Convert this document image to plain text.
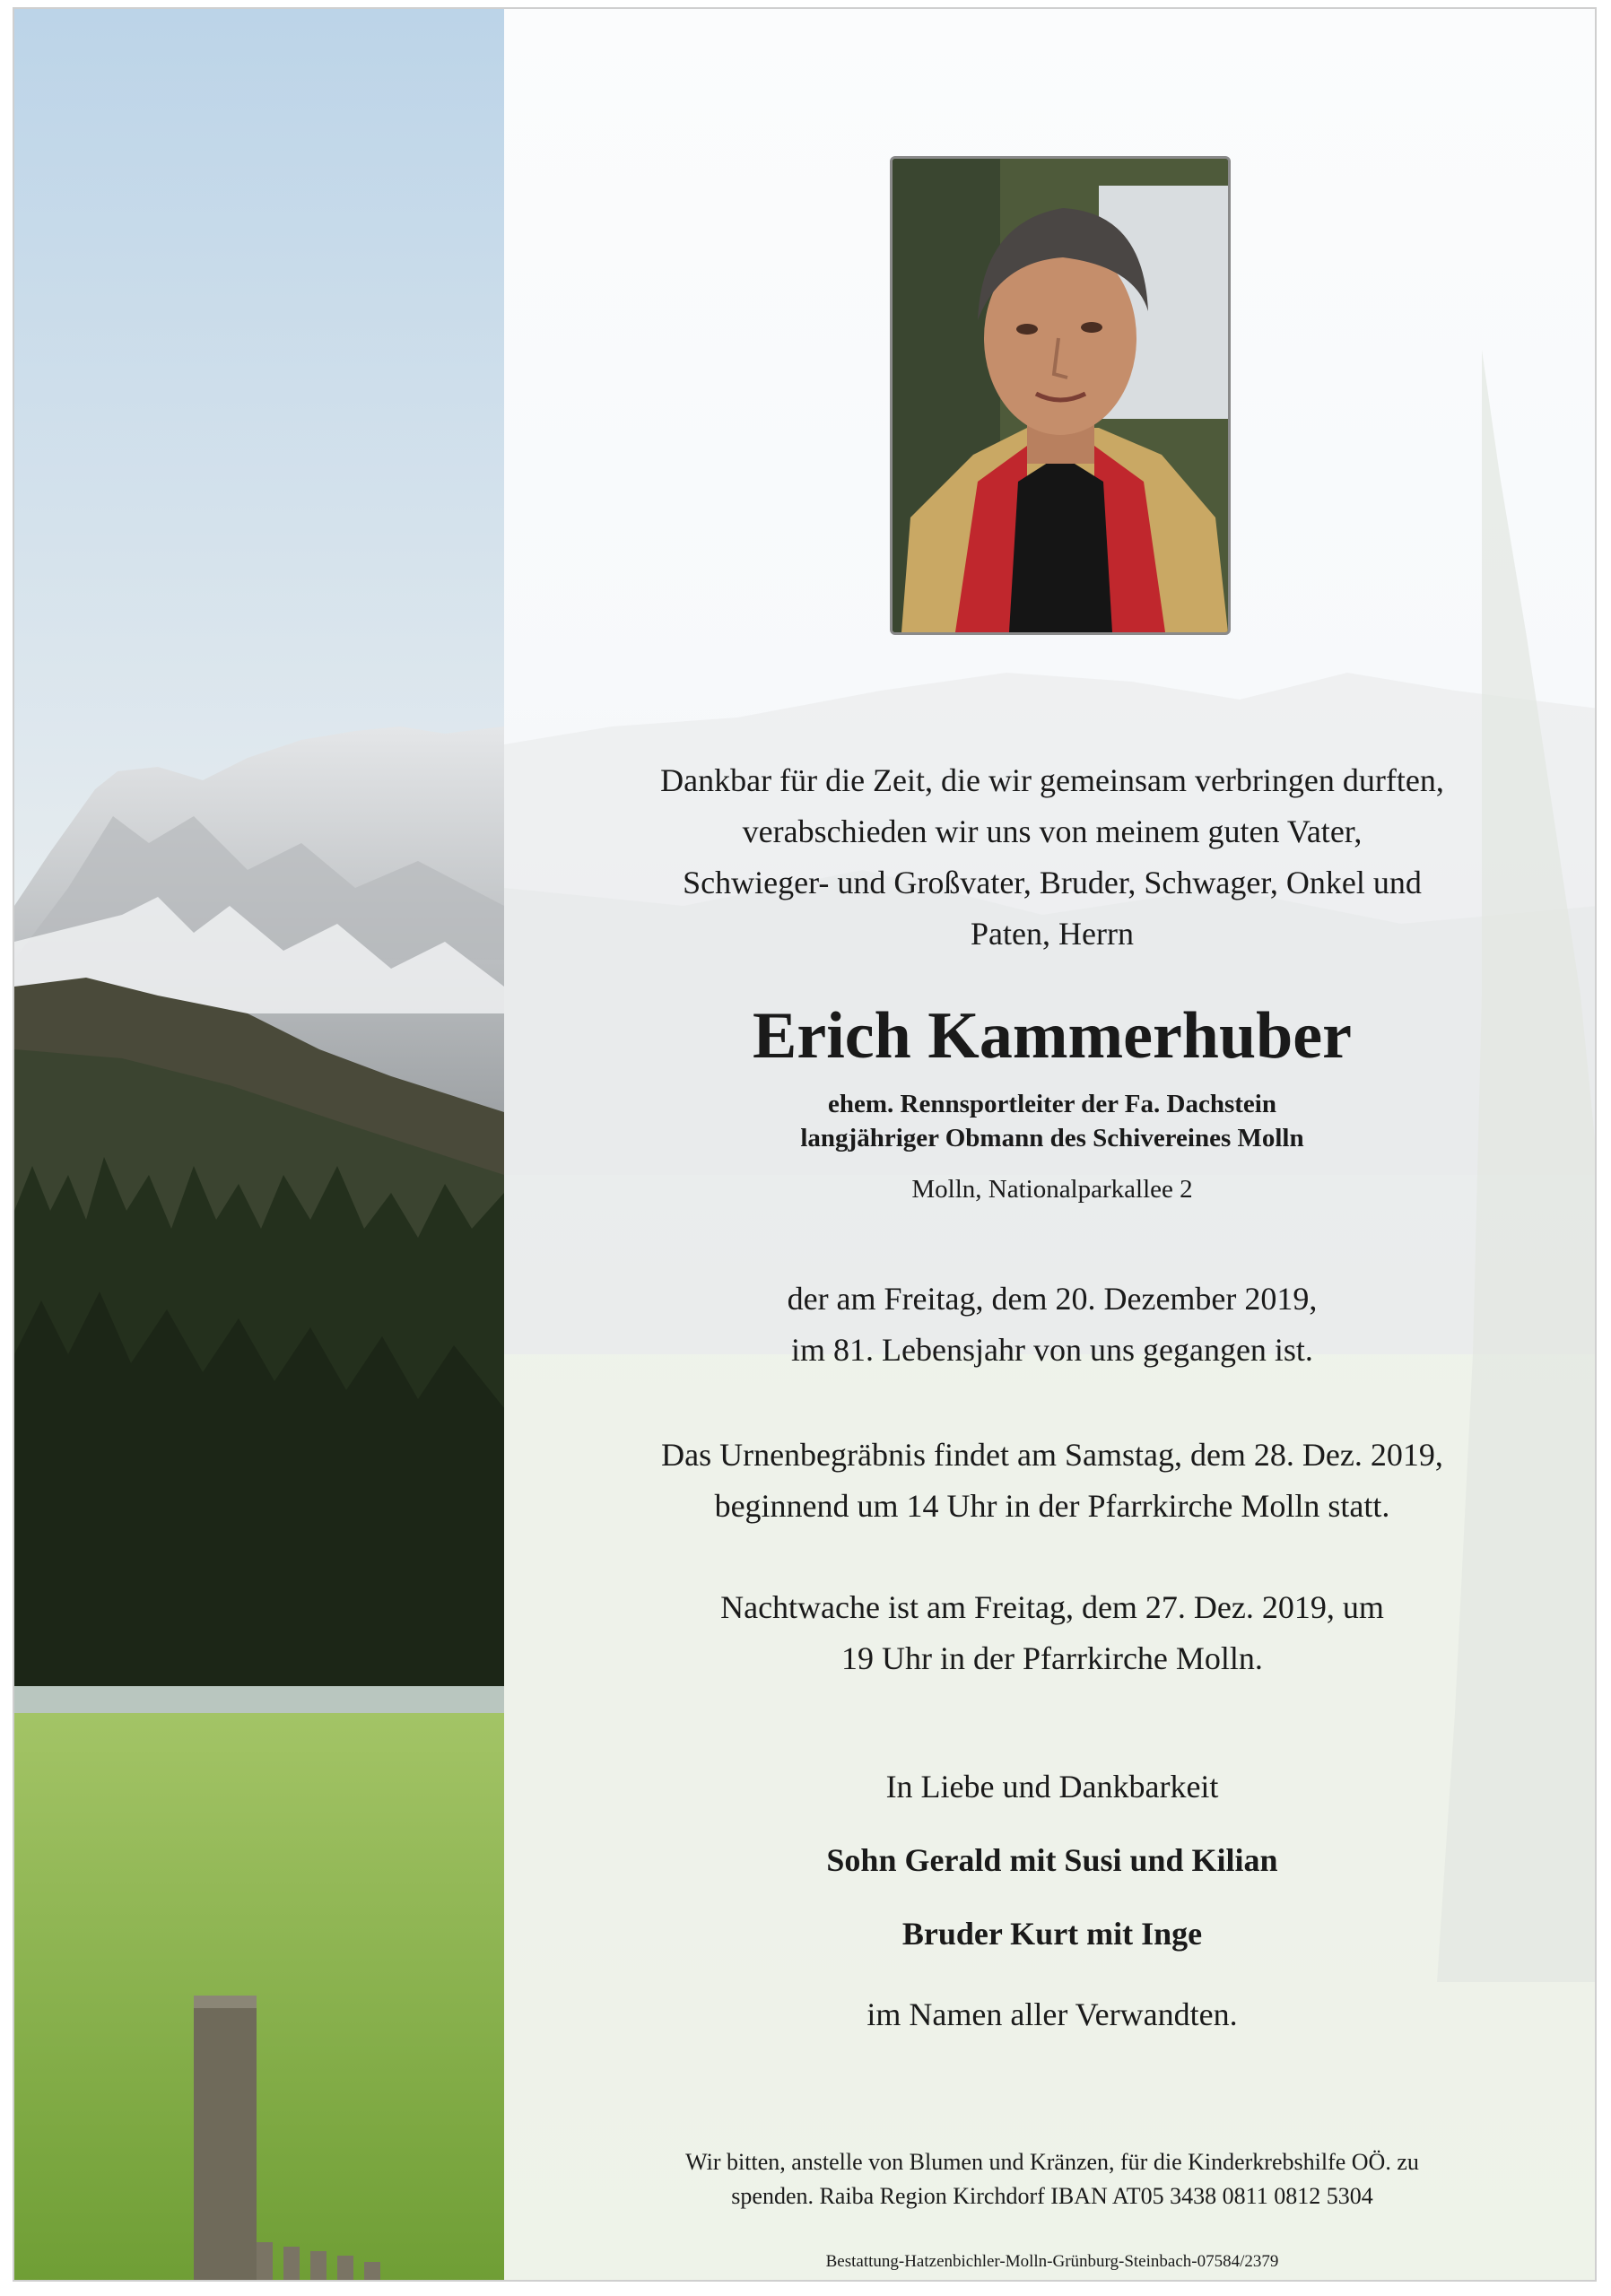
Dankbar für die Zeit, die wir gemeinsam verbringen durften,
verabschieden wir uns von meinem guten Vater,
Schwieger- und Großvater, Bruder, Schwager, Onkel und
Paten, Herrn

Erich Kammerhuber
ehem. Rennsportleiter der Fa. Dachstein
langjähriger Obmann des Schivereines Molln
Molln, Nationalparkallee 2

der am Freitag, dem 20. Dezember 2019,
im 81. Lebensjahr von uns gegangen ist.

Das Urnenbegräbnis findet am Samstag, dem 28. Dez. 2019,
beginnend um 14 Uhr in der Pfarrkirche Molln statt.

Nachtwache ist am Freitag, dem 27. Dez. 2019, um
19 Uhr in der Pfarrkirche Molln.

In Liebe und Dankbarkeit
Sohn Gerald mit Susi und Kilian
Bruder Kurt mit Inge
im Namen aller Verwandten.
Wir bitten, anstelle von Blumen und Kränzen, für die Kinderkrebshilfe OÖ. zu
spenden. Raiba Region Kirchdorf IBAN AT05 3438 0811 0812 5304
Bestattung-Hatzenbichler-Molln-Grünburg-Steinbach-07584/2379
